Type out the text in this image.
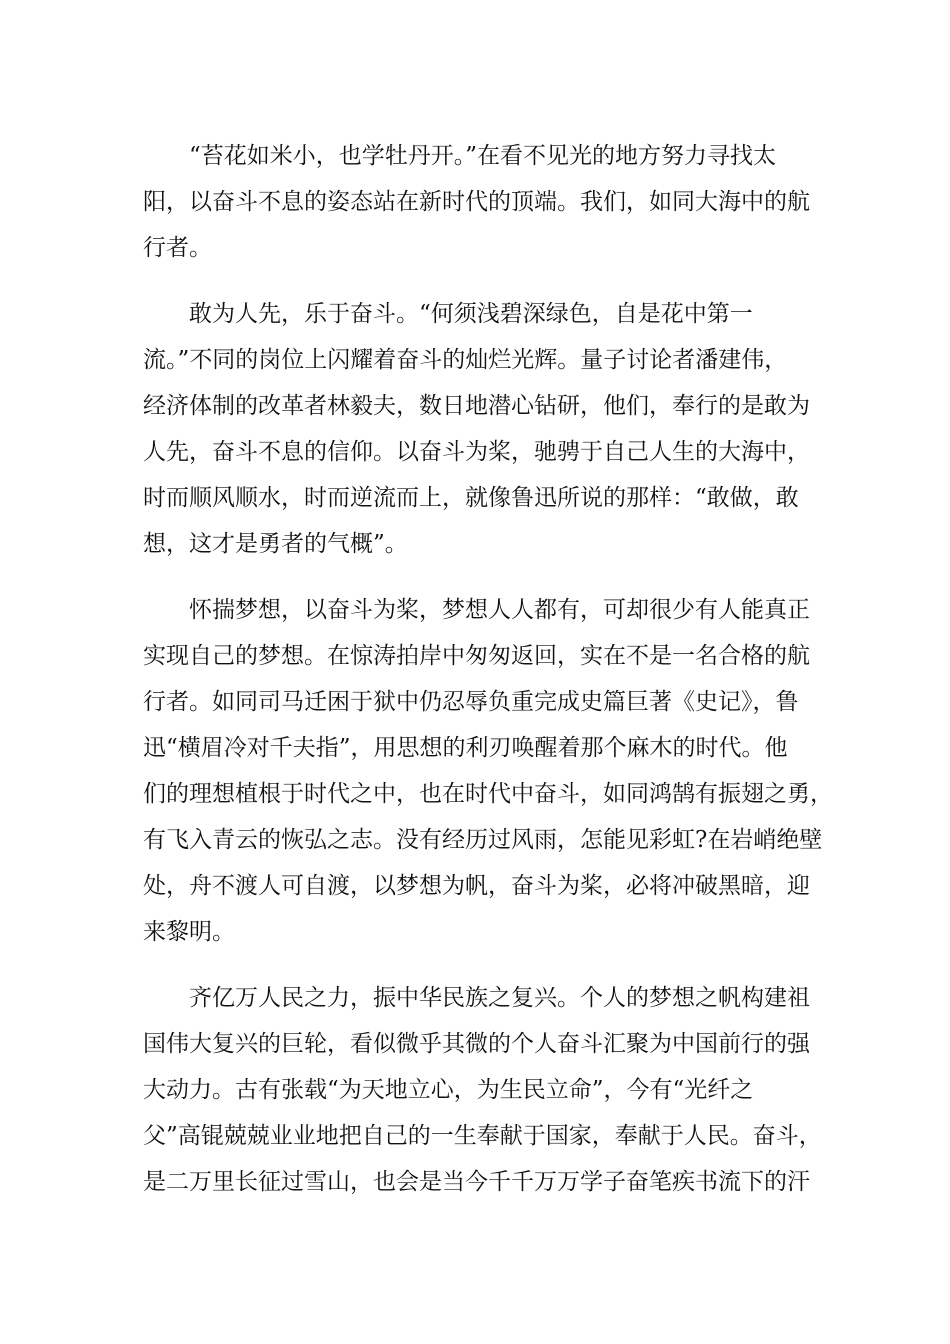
　　“苔花如米小，也学牡丹开。”在看不见光的地方努力寻找太
阳，以奋斗不息的姿态站在新时代的顶端。我们，如同大海中的航
行者。
　　敢为人先，乐于奋斗。“何须浅碧深绿色，自是花中第一
流。”不同的岗位上闪耀着奋斗的灿烂光辉。量子讨论者潘建伟，
经济体制的改革者林毅夫，数日地潜心钻研，他们，奉行的是敢为
人先，奋斗不息的信仰。以奋斗为桨，驰骋于自己人生的大海中，
时而顺风顺水，时而逆流而上，就像鲁迅所说的那样：“敢做，敢
想，这才是勇者的气概”。
　　怀揣梦想，以奋斗为桨，梦想人人都有，可却很少有人能真正
实现自己的梦想。在惊涛拍岸中匆匆返回，实在不是一名合格的航
行者。如同司马迁困于狱中仍忍辱负重完成史篇巨著《史记》，鲁
迅“横眉冷对千夫指”，用思想的利刃唤醒着那个麻木的时代。他
们的理想植根于时代之中，也在时代中奋斗，如同鸿鹄有振翅之勇，
有飞入青云的恢弘之志。没有经历过风雨，怎能见彩虹?在岩峭绝壁
处，舟不渡人可自渡，以梦想为帆，奋斗为桨，必将冲破黑暗，迎
来黎明。
　　齐亿万人民之力，振中华民族之复兴。个人的梦想之帆构建祖
国伟大复兴的巨轮，看似微乎其微的个人奋斗汇聚为中国前行的强
大动力。古有张载“为天地立心，为生民立命”，今有“光纤之
父”高锟兢兢业业地把自己的一生奉献于国家，奉献于人民。奋斗，
是二万里长征过雪山，也会是当今千千万万学子奋笔疾书流下的汗
